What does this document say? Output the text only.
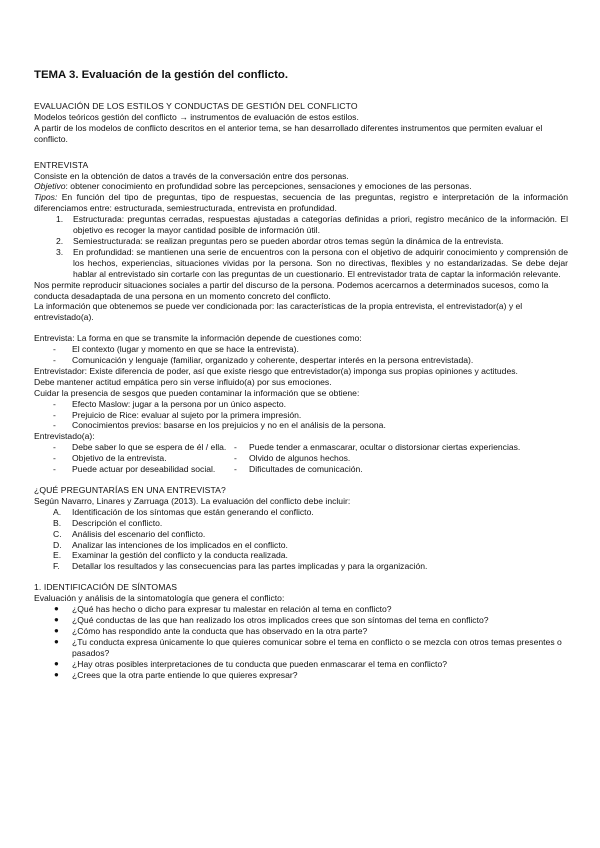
TEMA 3. Evaluación de la gestión del conflicto.

EVALUACIÓN DE LOS ESTILOS Y CONDUCTAS DE GESTIÓN DEL CONFLICTO

Modelos teóricos gestión del conflicto → instrumentos de evaluación de estos estilos.

A partir de los modelos de conflicto descritos en el anterior tema, se han desarrollado diferentes instrumentos que permiten evaluar el conflicto.

ENTREVISTA

Consiste en la obtención de datos a través de la conversación entre dos personas.

Objetivo: obtener conocimiento en profundidad sobre las percepciones, sensaciones y emociones de las personas.

Tipos: En función del tipo de preguntas, tipo de respuestas, secuencia de las preguntas, registro e interpretación de la información diferenciamos entre: estructurada, semiestructurada, entrevista en profundidad.

1. Estructurada: preguntas cerradas, respuestas ajustadas a categorías definidas a priori, registro mecánico de la información. El objetivo es recoger la mayor cantidad posible de información útil.
2. Semiestructurada: se realizan preguntas pero se pueden abordar otros temas según la dinámica de la entrevista.
3. En profundidad: se mantienen una serie de encuentros con la persona con el objetivo de adquirir conocimiento y comprensión de los hechos, experiencias, situaciones vividas por la persona. Son no directivas, flexibles y no estandarizadas. Se debe dejar hablar al entrevistado sin cortarle con las preguntas de un cuestionario. El entrevistador trata de captar la información relevante.

Nos permite reproducir situaciones sociales a partir del discurso de la persona. Podemos acercarnos a determinados sucesos, como la conducta desadaptada de una persona en un momento concreto del conflicto.

La información que obtenemos se puede ver condicionada por: las características de la propia entrevista, el entrevistador(a) y el entrevistado(a).

Entrevista: La forma en que se transmite la información depende de cuestiones como:

- El contexto (lugar y momento en que se hace la entrevista).
- Comunicación y lenguaje (familiar, organizado y coherente, despertar interés en la persona entrevistada).

Entrevistador: Existe diferencia de poder, así que existe riesgo que entrevistador(a) imponga sus propias opiniones y actitudes.

Debe mantener actitud empática pero sin verse influido(a) por sus emociones.

Cuidar la presencia de sesgos que pueden contaminar la información que se obtiene:

- Efecto Maslow: jugar a la persona por un único aspecto.
- Prejuicio de Rice: evaluar al sujeto por la primera impresión.
- Conocimientos previos: basarse en los prejuicios y no en el análisis de la persona.

Entrevistado(a):

- Debe saber lo que se espera de él / ella.
- Objetivo de la entrevista.
- Puede actuar por deseabilidad social.
- Puede tender a enmascarar, ocultar o distorsionar ciertas experiencias.
- Olvido de algunos hechos.
- Dificultades de comunicación.

¿QUÉ PREGUNTARÍAS EN UNA ENTREVISTA?

Según Navarro, Linares y Zarruaga (2013). La evaluación del conflicto debe incluir:

A. Identificación de los síntomas que están generando el conflicto.
B. Descripción el conflicto.
C. Análisis del escenario del conflicto.
D. Analizar las intenciones de los implicados en el conflicto.
E. Examinar la gestión del conflicto y la conducta realizada.
F. Detallar los resultados y las consecuencias para las partes implicadas y para la organización.

1. IDENTIFICACIÓN DE SÍNTOMAS

Evaluación y análisis de la sintomatología que genera el conflicto:

● ¿Qué has hecho o dicho para expresar tu malestar en relación al tema en conflicto?
● ¿Qué conductas de las que han realizado los otros implicados crees que son síntomas del tema en conflicto?
● ¿Cómo has respondido ante la conducta que has observado en la otra parte?
● ¿Tu conducta expresa únicamente lo que quieres comunicar sobre el tema en conflicto o se mezcla con otros temas presentes o pasados?
● ¿Hay otras posibles interpretaciones de tu conducta que pueden enmascarar el tema en conflicto?
● ¿Crees que la otra parte entiende lo que quieres expresar?
